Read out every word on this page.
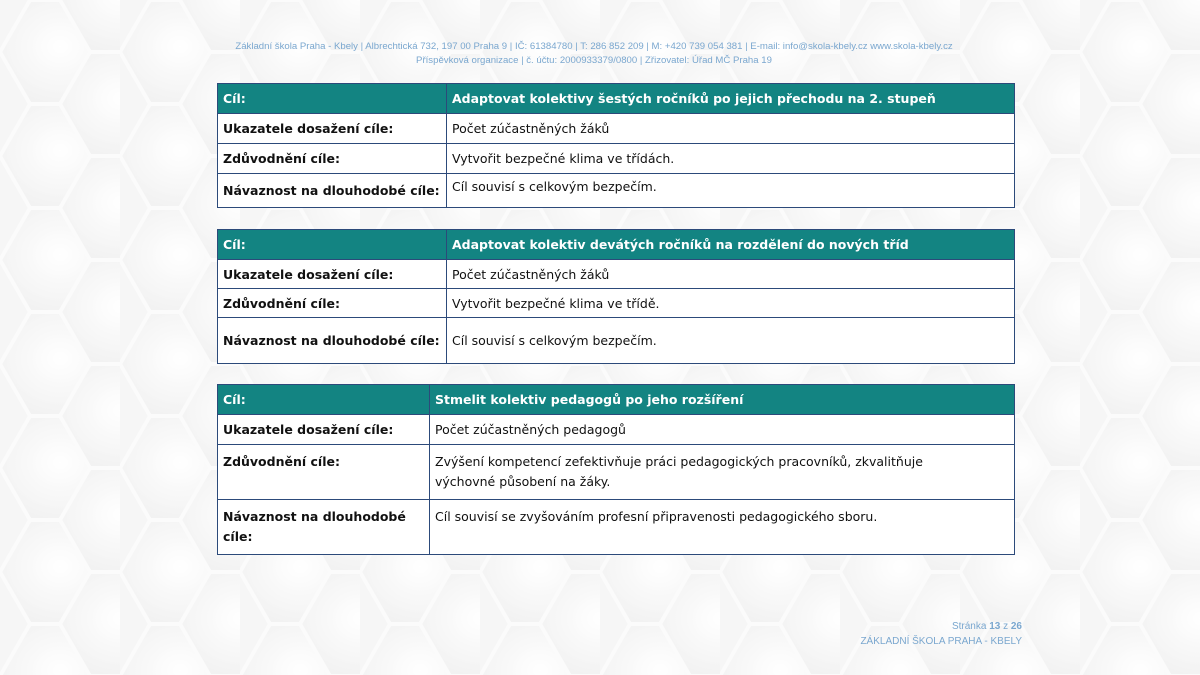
Základní škola Praha - Kbely | Albrechtická 732, 197 00 Praha 9 | IČ: 61384780 | T: 286 852 209 | M: +420 739 054 381 | E-mail: info@skola-kbely.cz www.skola-kbely.cz
Příspěvková organizace | č. účtu: 2000933379/0800 | Zřizovatel: Úřad MČ Praha 19
Cíl:	Adaptovat kolektivy šestých ročníků po jejich přechodu na 2. stupeň
Ukazatele dosažení cíle:	Počet zúčastněných žáků
Zdůvodnění cíle:	Vytvořit bezpečné klima ve třídách.
Návaznost na dlouhodobé cíle:	Cíl souvisí s celkovým bezpečím.
Cíl:	Adaptovat kolektiv devátých ročníků na rozdělení do nových tříd
Ukazatele dosažení cíle:	Počet zúčastněných žáků
Zdůvodnění cíle:	Vytvořit bezpečné klima ve třídě.
Návaznost na dlouhodobé cíle:	Cíl souvisí s celkovým bezpečím.
Cíl:	Stmelit kolektiv pedagogů po jeho rozšíření
Ukazatele dosažení cíle:	Počet zúčastněných pedagogů
Zdůvodnění cíle:	Zvýšení kompetencí zefektivňuje práci pedagogických pracovníků, zkvalitňuje výchovné působení na žáky.

Návaznost na dlouhodobé cíle:	Cíl souvisí se zvyšováním profesní připravenosti pedagogického sboru.
Stránka 13 z 26
ZÁKLADNÍ ŠKOLA PRAHA - KBELY
